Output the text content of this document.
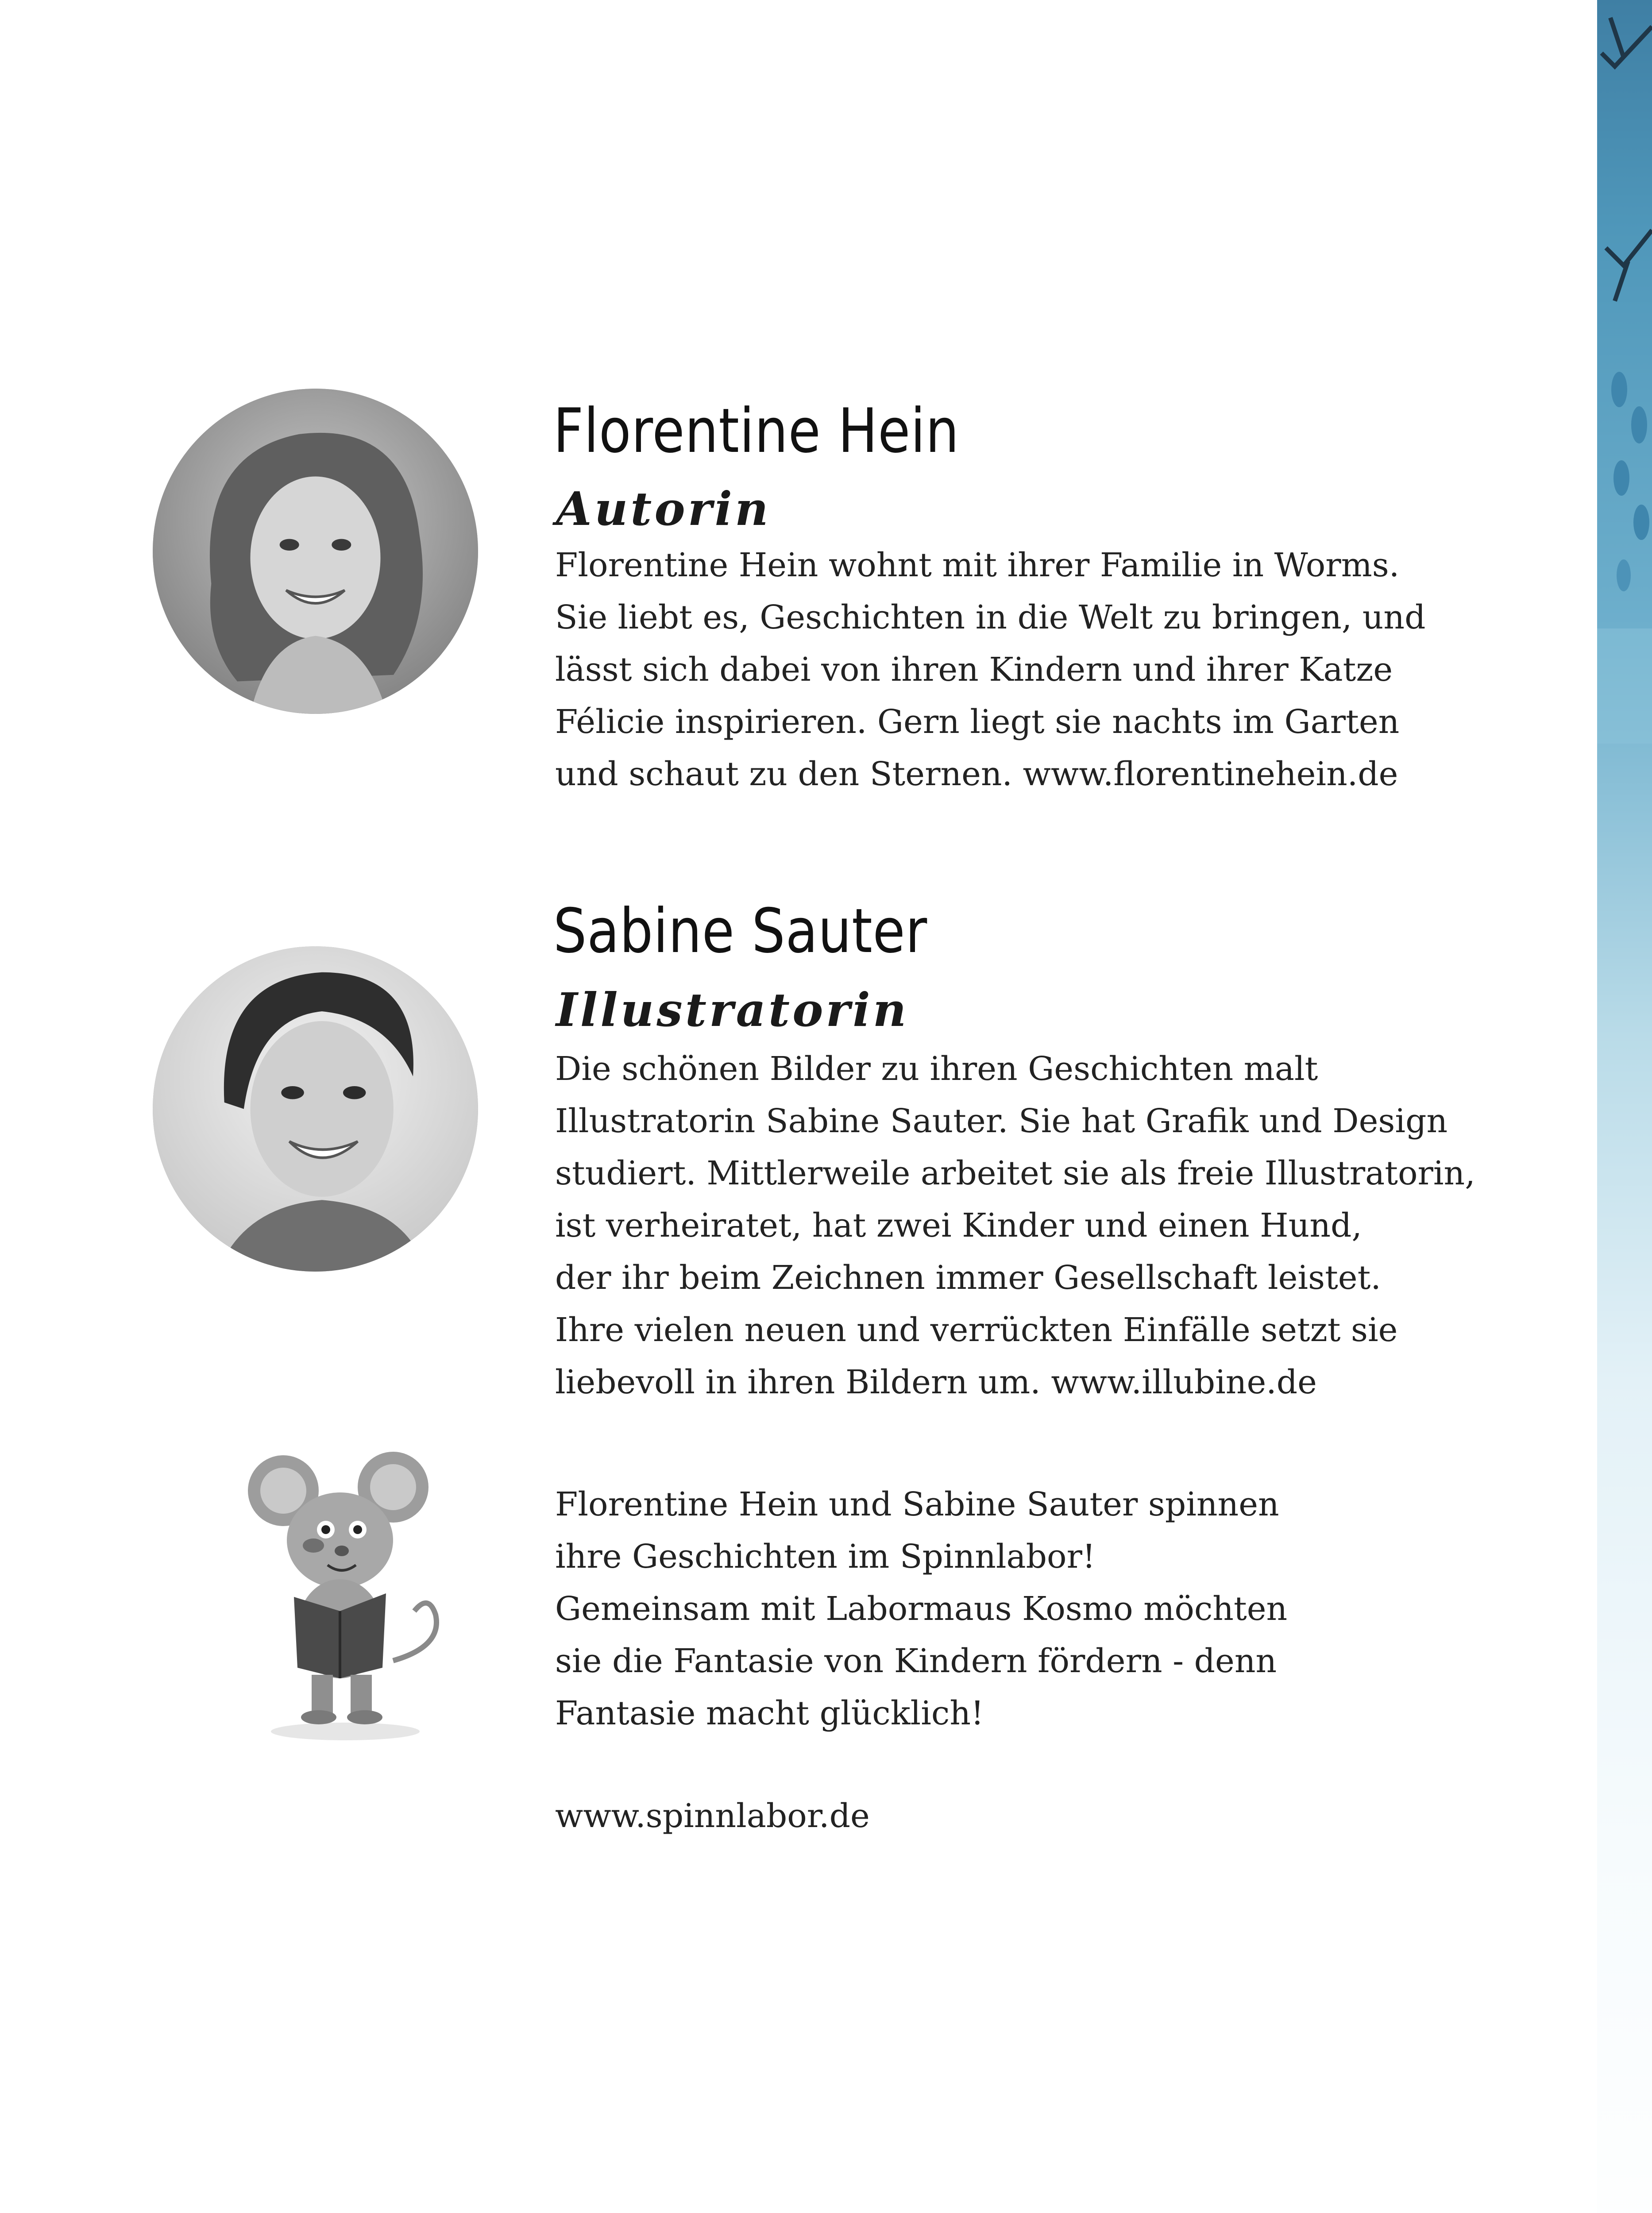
Florentine Hein
Autorin

Florentine Hein wohnt mit ihrer Familie in Worms.
Sie liebt es, Geschichten in die Welt zu bringen, und
lässt sich dabei von ihren Kindern und ihrer Katze
Félicie inspirieren. Gern liegt sie nachts im Garten
und schaut zu den Sternen. www.florentinehein.de

Sabine Sauter
Illustratorin

Die schönen Bilder zu ihren Geschichten malt
Illustratorin Sabine Sauter. Sie hat Grafik und Design
studiert. Mittlerweile arbeitet sie als freie Illustratorin,
ist verheiratet, hat zwei Kinder und einen Hund,
der ihr beim Zeichnen immer Gesellschaft leistet.
Ihre vielen neuen und verrückten Einfälle setzt sie
liebevoll in ihren Bildern um. www.illubine.de

Florentine Hein und Sabine Sauter spinnen
ihre Geschichten im Spinnlabor!
Gemeinsam mit Labormaus Kosmo möchten
sie die Fantasie von Kindern fördern - denn
Fantasie macht glücklich!

www.spinnlabor.de
